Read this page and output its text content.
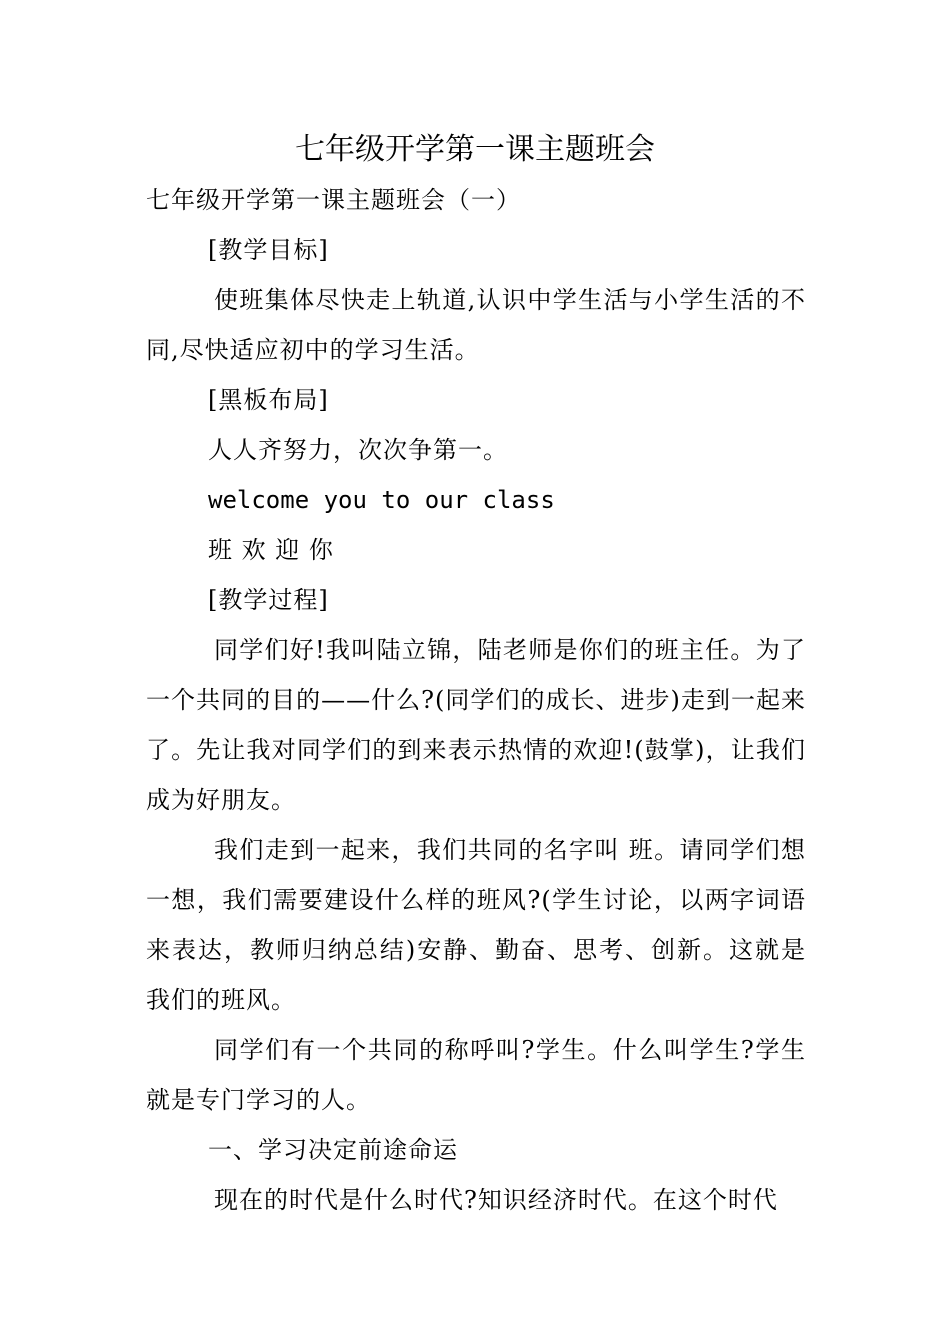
七年级开学第一课主题班会

七年级开学第一课主题班会（一）

[教学目标]

使班集体尽快走上轨道,认识中学生活与小学生活的不同,尽快适应初中的学习生活。

[黑板布局]

人人齐努力，次次争第一。

welcome you to our class

班 欢 迎 你

[教学过程]

同学们好!我叫陆立锦，陆老师是你们的班主任。为了一个共同的目的——什么?(同学们的成长、进步)走到一起来了。先让我对同学们的到来表示热情的欢迎!(鼓掌)，让我们成为好朋友。

我们走到一起来，我们共同的名字叫 班。请同学们想一想，我们需要建设什么样的班风?(学生讨论，以两字词语来表达，教师归纳总结)安静、勤奋、思考、创新。这就是我们的班风。

同学们有一个共同的称呼叫?学生。什么叫学生?学生就是专门学习的人。

一、学习决定前途命运

现在的时代是什么时代?知识经济时代。在这个时代
